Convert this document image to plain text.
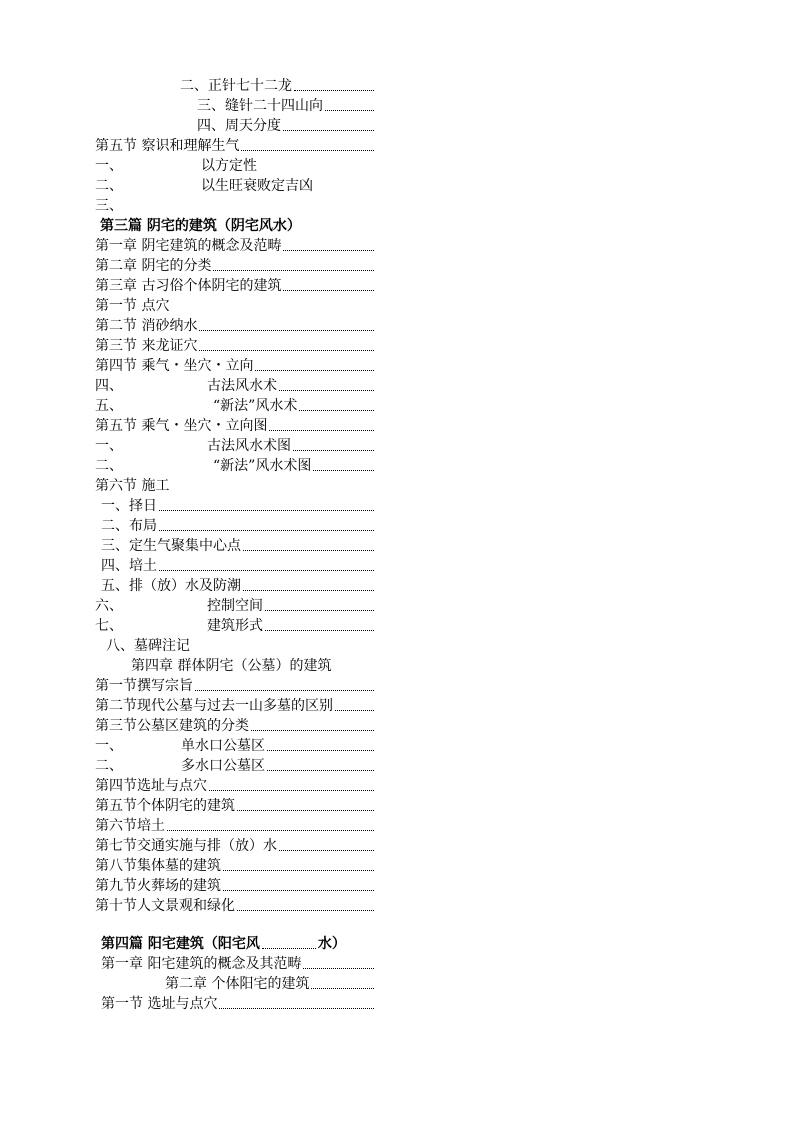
二、正针七十二龙
三、缝针二十四山向
四、周天分度
第五节 察识和理解生气
一、	以方定性
二、	以生旺衰败定吉凶
三、
第三篇 阴宅的建筑（阴宅风水）
第一章 阴宅建筑的概念及范畴
第二章 阴宅的分类
第三章 古习俗个体阴宅的建筑
第一节 点穴
第二节 消砂纳水
第三节 来龙证穴
第四节 乘气・坐穴・立向
四、	古法风水术
五、	“新法”风水术
第五节 乘气・坐穴・立向图
一、	古法风水术图
二、	“新法”风水术图
第六节 施工
一、择日
二、布局
三、定生气聚集中心点
四、培土
五、排（放）水及防潮
六、	控制空间
七、	建筑形式
八、墓碑注记
第四章 群体阴宅（公墓）的建筑
第一节撰写宗旨
第二节现代公墓与过去一山多墓的区别
第三节公墓区建筑的分类
一、	单水口公墓区
二、	多水口公墓区
第四节选址与点穴
第五节个体阴宅的建筑
第六节培土
第七节交通实施与排（放）水
第八节集体墓的建筑
第九节火葬场的建筑
第十节人文景观和绿化
第四篇 阳宅建筑（阳宅风	水）
第一章 阳宅建筑的概念及其范畴
第二章 个体阳宅的建筑
第一节 选址与点穴
